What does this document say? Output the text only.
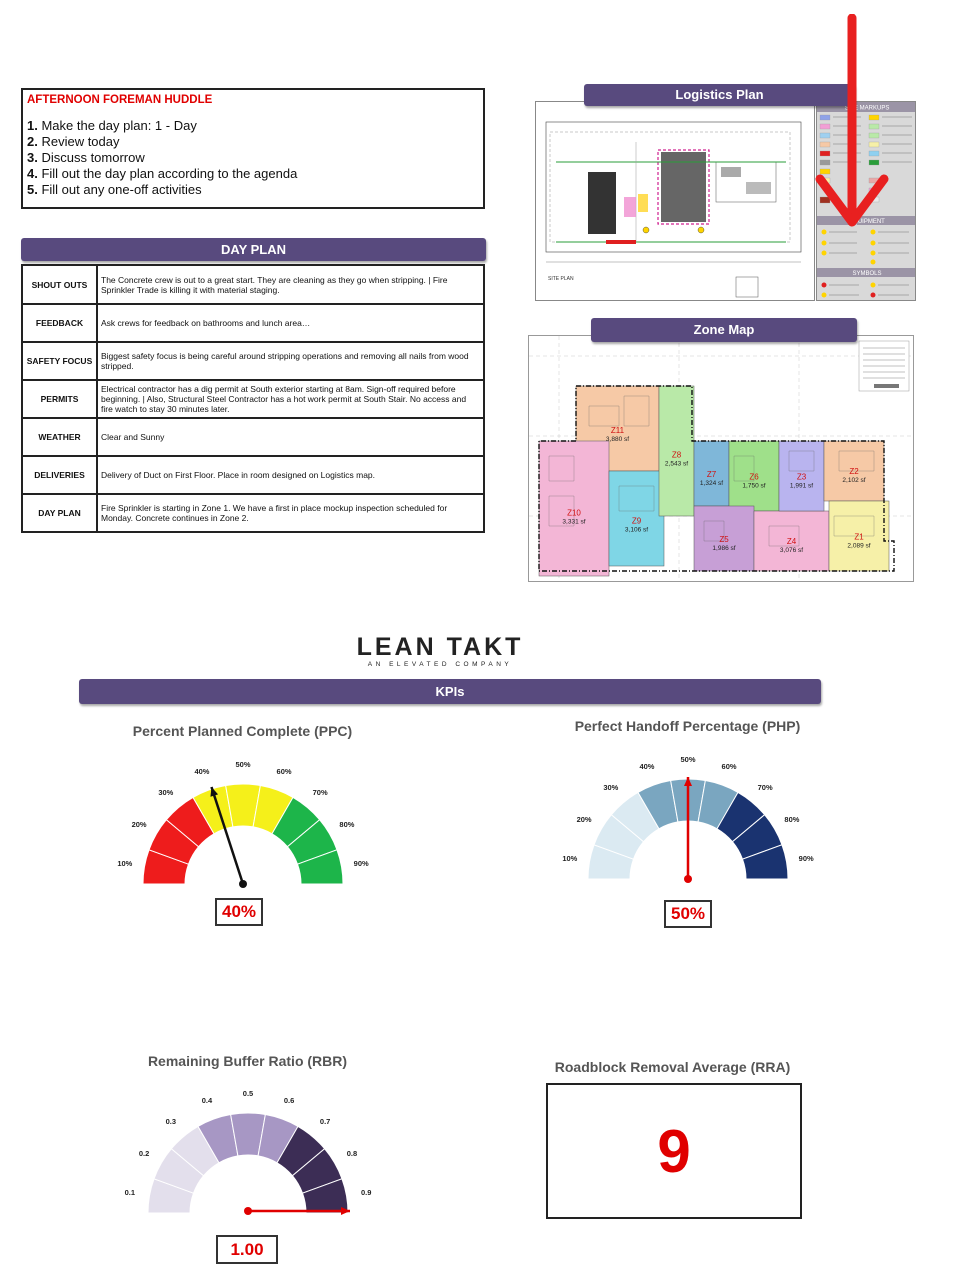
AFTERNOON FOREMAN HUDDLE
1. Make the day plan: 1 - Day
2. Review today
3. Discuss tomorrow
4. Fill out the day plan according to the agenda
5. Fill out any one-off activities
DAY PLAN
SHOUT OUTS	The Concrete crew is out to a great start. They are cleaning as they go when stripping. | Fire Sprinkler Trade is killing it with material staging.
FEEDBACK	Ask crews for feedback on bathrooms and lunch area…
SAFETY FOCUS	Biggest safety focus is being careful around stripping operations and removing all nails from wood stripped.
PERMITS	Electrical contractor has a dig permit at South exterior starting at 8am. Sign-off required before beginning. | Also, Structural Steel Contractor has a hot work permit at South Stair. No access and fire watch to stay 30 minutes later.
WEATHER	Clear and Sunny
DELIVERIES	Delivery of Duct on First Floor. Place in room designed on Logistics map.
DAY PLAN	Fire Sprinkler is starting in Zone 1. We have a first in place mockup inspection scheduled for Monday. Concrete continues in Zone 2.
SITE PLAN
SITE MARKUPS
EQUIPMENT
SYMBOLS
Logistics Plan
Z11
3,880 sf
Z10
3,331 sf	Z9
3,106 sf
Z8
2,543 sf
Z7
1,324 sf
Z6
1,750 sf
Z5
1,986 sf
Z4
3,076 sf
Z3
1,991 sf
Z2
2,102 sf
Z1
2,089 sf
Zone Map
LEAN TAKT
AN ELEVATED COMPANY
KPIs
Percent Planned Complete (PPC)
10%
20%
30%
40%
50%
60%
70%
80%
90%
40%
Perfect Handoff Percentage (PHP)
10%
20%
30%
40%
50%
60%
70%
80%
90%
50%
Remaining Buffer Ratio (RBR)
0.1
0.2
0.3
0.4
0.5
0.6
0.7
0.8
0.9
1.00
Roadblock Removal Average (RRA)
9
